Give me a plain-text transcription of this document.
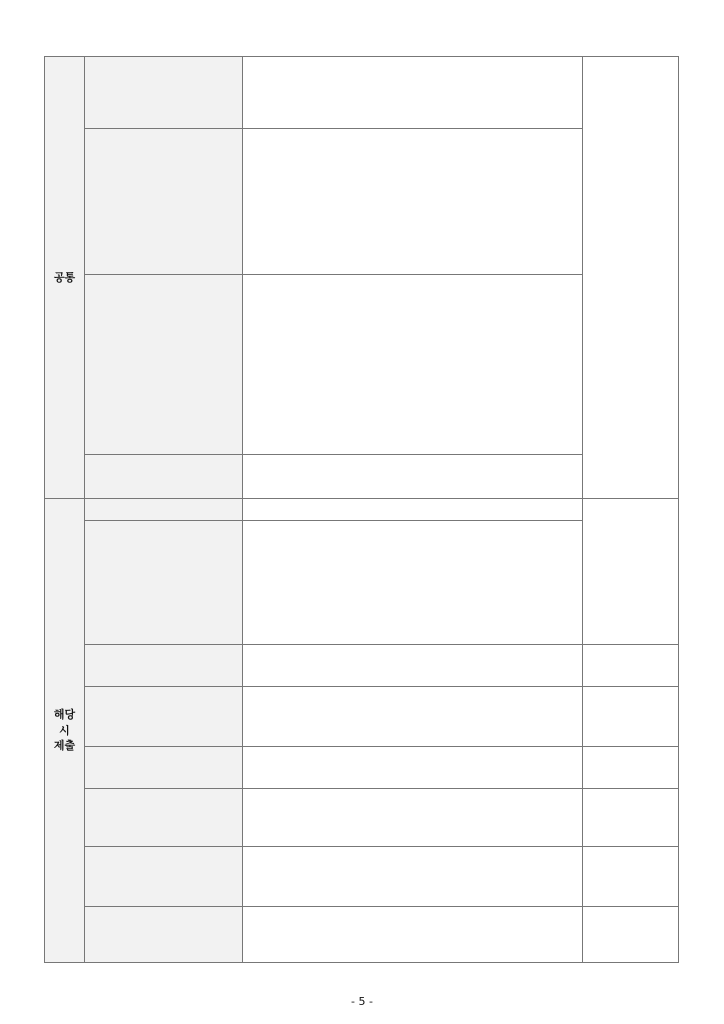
공통	

해당
시
제출			

- 5 -
